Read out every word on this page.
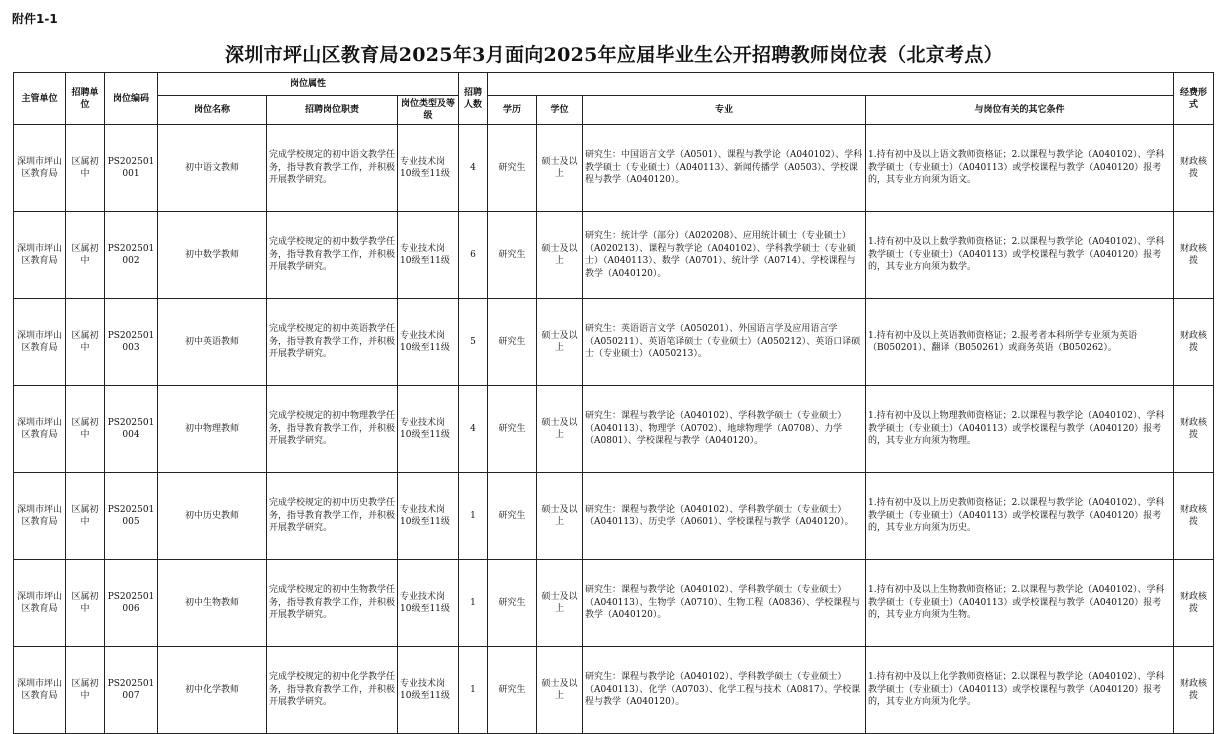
附件1-1
深圳市坪山区教育局2025年3月面向2025年应届毕业生公开招聘教师岗位表（北京考点）
主管单位	招聘单位	岗位编码	岗位属性			招聘人数					经费形式
			岗位名称	招聘岗位职责	岗位类型及等级		学历	学位	专业	与岗位有关的其它条件	
深圳市坪山区教育局	区属初中	PS202501001	初中语文教师	完成学校规定的初中语文教学任务，指导教育教学工作，并积极开展教学研究。	专业技术岗10级至11级	4	研究生	硕士及以上	研究生：中国语言文学（A0501）、课程与教学论（A040102）、学科教学硕士（专业硕士）（A040113）、新闻传播学（A0503）、学校课程与教学（A040120）。	1.持有初中及以上语文教师资格证；2.以课程与教学论（A040102）、学科教学硕士（专业硕士）（A040113）或学校课程与教学（A040120）报考的，其专业方向须为语文。	财政核拨
深圳市坪山区教育局	区属初中	PS202501002	初中数学教师	完成学校规定的初中数学教学任务，指导教育教学工作，并积极开展教学研究。	专业技术岗10级至11级	6	研究生	硕士及以上	研究生：统计学（部分）（A020208）、应用统计硕士（专业硕士）（A020213）、课程与教学论（A040102）、学科教学硕士（专业硕士）（A040113）、数学（A0701）、统计学（A0714）、学校课程与教学（A040120）。	1.持有初中及以上数学教师资格证；2.以课程与教学论（A040102）、学科教学硕士（专业硕士）（A040113）或学校课程与教学（A040120）报考的，其专业方向须为数学。	财政核拨
深圳市坪山区教育局	区属初中	PS202501003	初中英语教师	完成学校规定的初中英语教学任务，指导教育教学工作，并积极开展教学研究。	专业技术岗10级至11级	5	研究生	硕士及以上	研究生：英语语言文学（A050201）、外国语言学及应用语言学（A050211）、英语笔译硕士（专业硕士）（A050212）、英语口译硕士（专业硕士）（A050213）。	1.持有初中及以上英语教师资格证；2.报考者本科所学专业须为英语（B050201）、翻译（B050261）或商务英语（B050262）。	财政核拨
深圳市坪山区教育局	区属初中	PS202501004	初中物理教师	完成学校规定的初中物理教学任务，指导教育教学工作，并积极开展教学研究。	专业技术岗10级至11级	4	研究生	硕士及以上	研究生：课程与教学论（A040102）、学科教学硕士（专业硕士）（A040113）、物理学（A0702）、地球物理学（A0708）、力学（A0801）、学校课程与教学（A040120）。	1.持有初中及以上物理教师资格证；2.以课程与教学论（A040102）、学科教学硕士（专业硕士）（A040113）或学校课程与教学（A040120）报考的，其专业方向须为物理。	财政核拨
深圳市坪山区教育局	区属初中	PS202501005	初中历史教师	完成学校规定的初中历史教学任务，指导教育教学工作，并积极开展教学研究。	专业技术岗10级至11级	1	研究生	硕士及以上	研究生：课程与教学论（A040102）、学科教学硕士（专业硕士）（A040113）、历史学（A0601）、学校课程与教学（A040120）。	1.持有初中及以上历史教师资格证；2.以课程与教学论（A040102）、学科教学硕士（专业硕士）（A040113）或学校课程与教学（A040120）报考的，其专业方向须为历史。	财政核拨
深圳市坪山区教育局	区属初中	PS202501006	初中生物教师	完成学校规定的初中生物教学任务，指导教育教学工作，并积极开展教学研究。	专业技术岗10级至11级	1	研究生	硕士及以上	研究生：课程与教学论（A040102）、学科教学硕士（专业硕士）（A040113）、生物学（A0710）、生物工程（A0836）、学校课程与教学（A040120）。	1.持有初中及以上生物教师资格证；2.以课程与教学论（A040102）、学科教学硕士（专业硕士）（A040113）或学校课程与教学（A040120）报考的，其专业方向须为生物。	财政核拨
深圳市坪山区教育局	区属初中	PS202501007	初中化学教师	完成学校规定的初中化学教学任务，指导教育教学工作，并积极开展教学研究。	专业技术岗10级至11级	1	研究生	硕士及以上	研究生：课程与教学论（A040102）、学科教学硕士（专业硕士）（A040113）、化学（A0703）、化学工程与技术（A0817）、学校课程与教学（A040120）。	1.持有初中及以上化学教师资格证；2.以课程与教学论（A040102）、学科教学硕士（专业硕士）（A040113）或学校课程与教学（A040120）报考的，其专业方向须为化学。	财政核拨
